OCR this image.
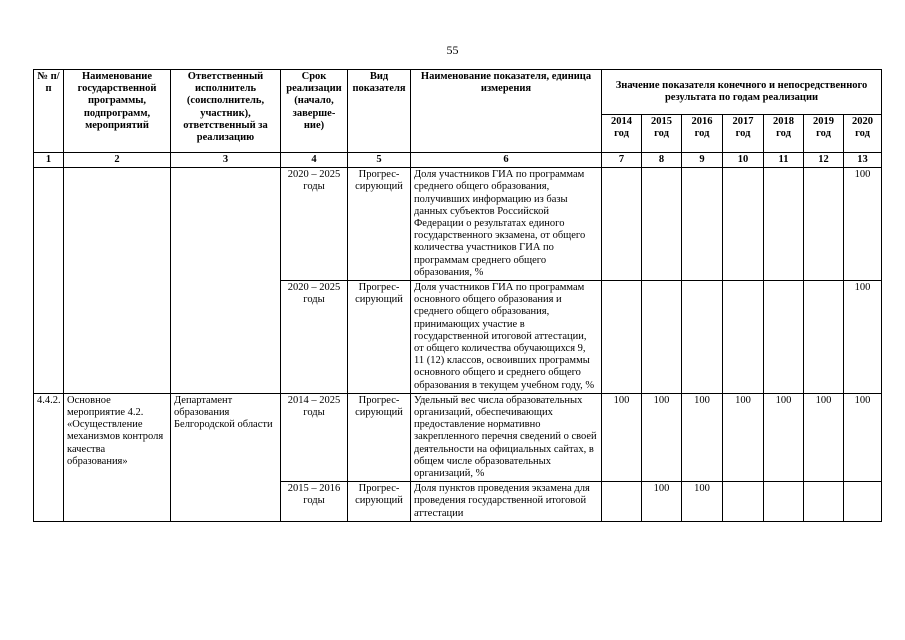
55
№ п/п	Наименование государственной программы, подпрограмм, мероприятий	Ответственный исполнитель (соисполнитель, участник), ответственный за реализацию	Срок реализации (начало, заверше-ние)	Вид показателя	Наименование показателя, единица измерения	Значение показателя конечного и непосредственного результата по годам реализации						
						2014 год	2015 год	2016 год	2017 год	2018 год	2019 год	2020 год
1	2	3	4	5	6	7	8	9	10	11	12	13
			2020 – 2025 годы	Прогрес-сирующий	Доля участников ГИА по программам среднего общего образования, получивших информацию из базы данных субъектов Российской Федерации о результатах единого государственного экзамена, от общего количества участников ГИА по программам среднего общего образования, %							100
			2020 – 2025 годы	Прогрес-сирующий	Доля участников ГИА по программам основного общего образования и среднего общего образования, принимающих участие в государственной итоговой аттестации, от общего количества обучающихся 9, 11 (12) классов, освоивших программы основного общего и среднего общего образования в текущем учебном году, %							100
4.4.2.	Основное мероприятие 4.2. «Осуществление механизмов контроля качества образования»	Департамент образования Белгородской области	2014 – 2025 годы	Прогрес-сирующий	Удельный вес числа образовательных организаций, обеспечивающих предоставление нормативно закрепленного перечня сведений о своей деятельности на официальных сайтах, в общем числе образовательных организаций, %	100	100	100	100	100	100	100
			2015 – 2016 годы	Прогрес-сирующий	Доля пунктов проведения экзамена для проведения государственной итоговой аттестации		100	100				
